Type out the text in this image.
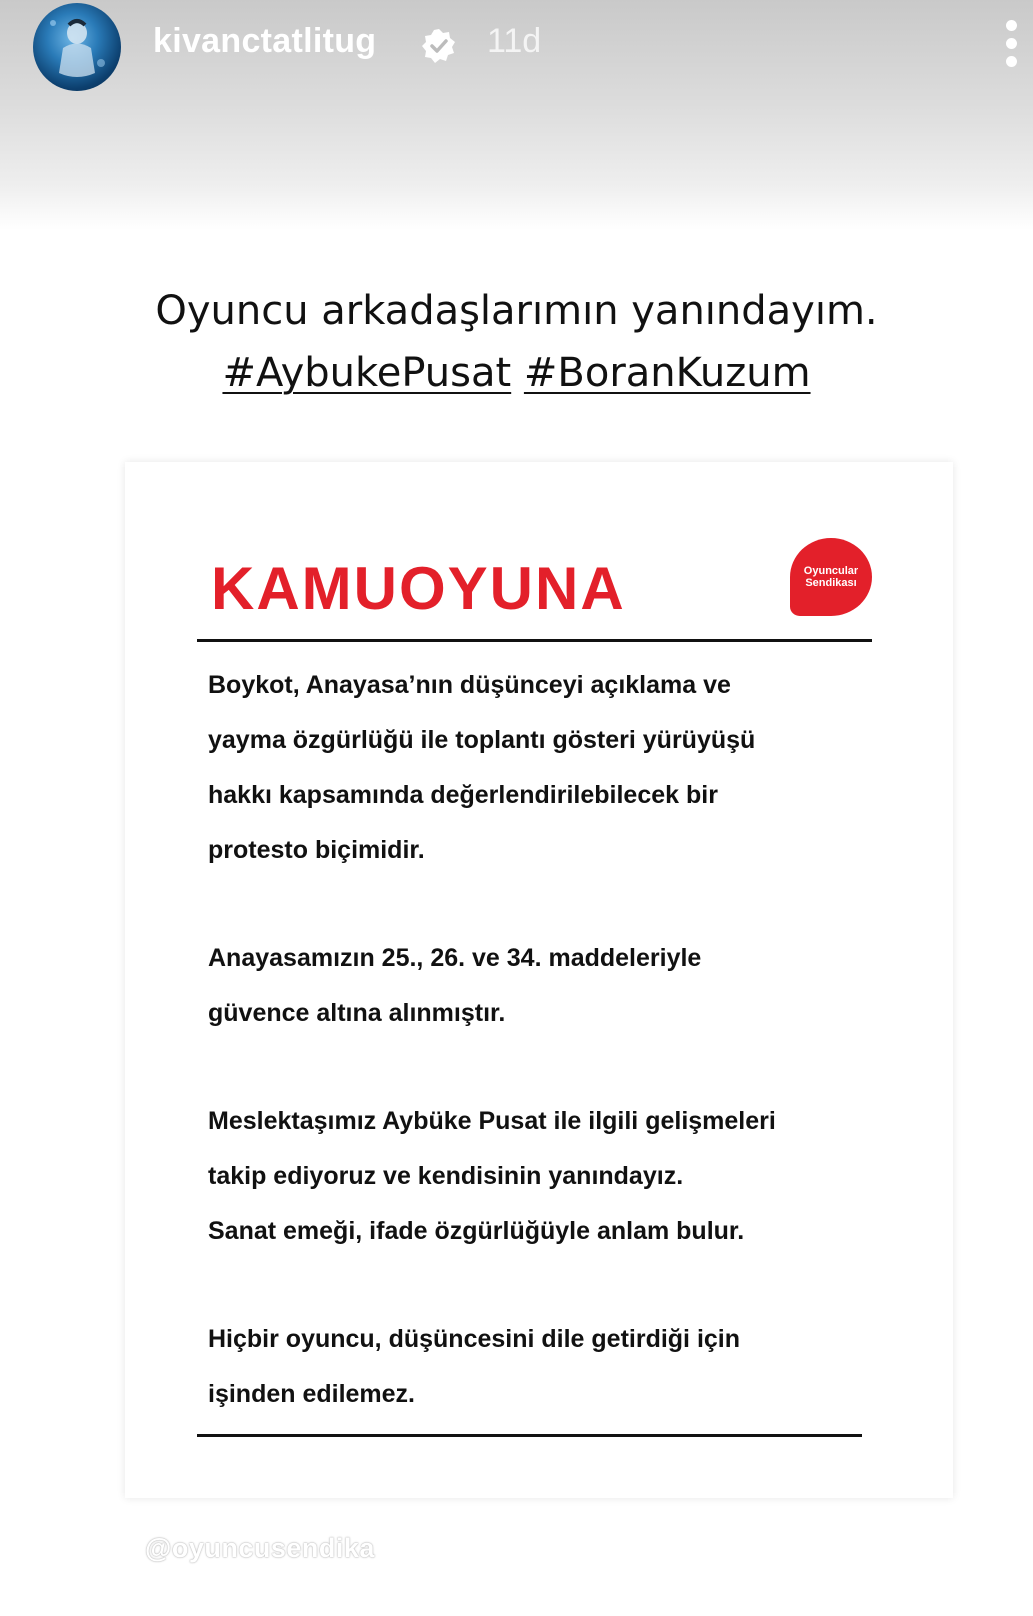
kivanctatlitug	11d
Oyuncu arkadaşlarımın yanındayım.
#AybukePusat #BoranKuzum
KAMUOYUNA	Oyuncular
Sendikası

Boykot, Anayasa’nın düşünceyi açıklama ve
yayma özgürlüğü ile toplantı gösteri yürüyüşü
hakkı kapsamında değerlendirilebilecek bir
protesto biçimidir.

Anayasamızın 25., 26. ve 34. maddeleriyle
güvence altına alınmıştır.

Meslektaşımız Aybüke Pusat ile ilgili gelişmeleri
takip ediyoruz ve kendisinin yanındayız.
Sanat emeği, ifade özgürlüğüyle anlam bulur.

Hiçbir oyuncu, düşüncesini dile getirdiği için
işinden edilemez.

@oyuncusendika
